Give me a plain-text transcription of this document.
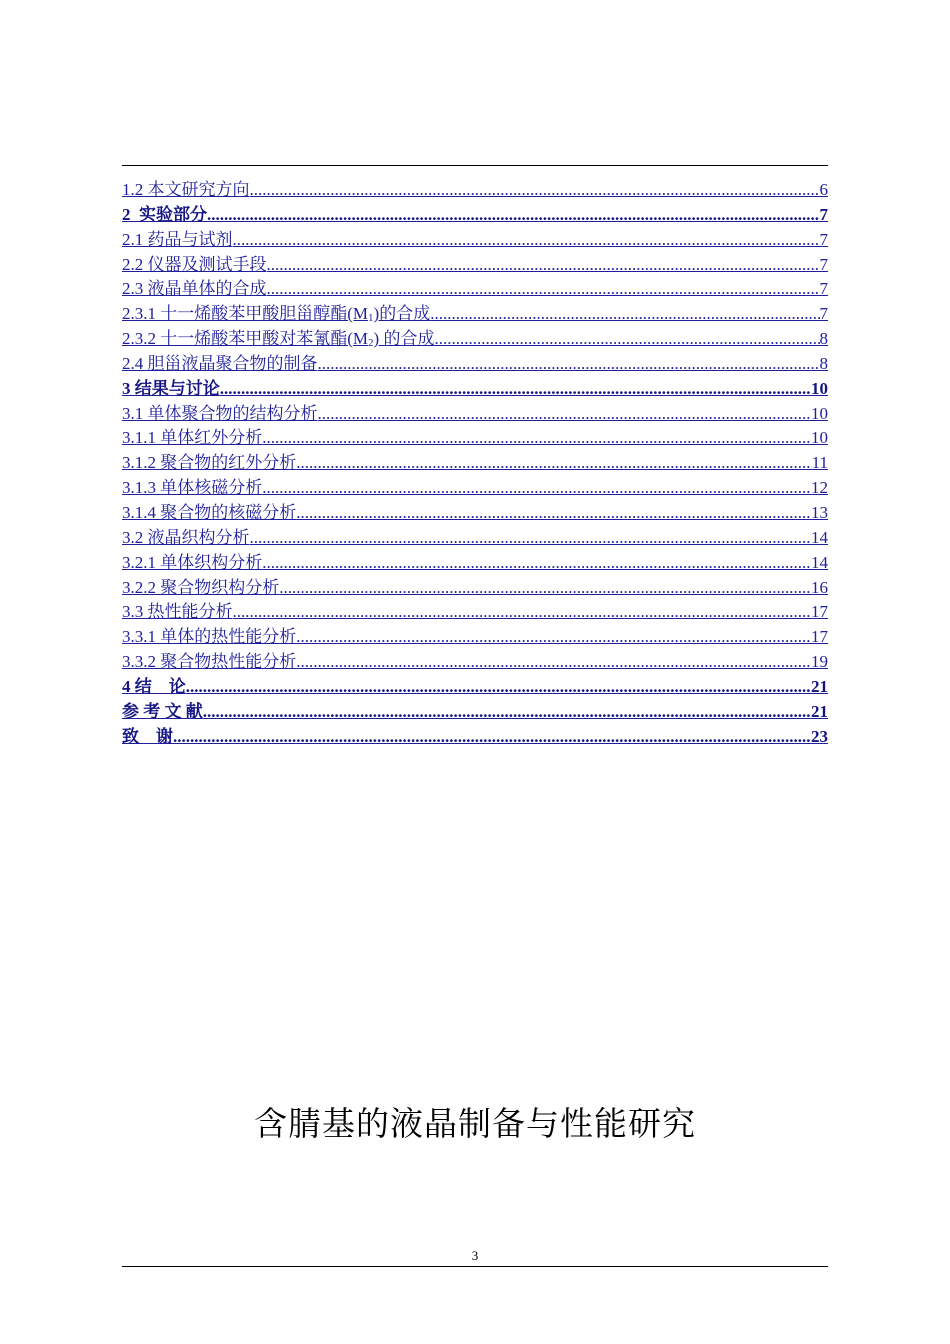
1.2 本文研究方向 .....	6
2  实验部分 .....	7
2.1 药品与试剂 .....	7
2.2 仪器及测试手段 .....	7
2.3 液晶单体的合成 .....	7
2.3.1 十一烯酸苯甲酸胆甾醇酯$(M_1)$的合成 .....	7
2.3.2 十一烯酸苯甲酸对苯氰酯$(M_2)$ 的合成 .....	8
2.4 胆甾液晶聚合物的制备 .....	8
3 结果与讨论 .....	10
3.1 单体聚合物的结构分析 .....	10
3.1.1 单体红外分析 .....	10
3.1.2 聚合物的红外分析 .....	11
3.1.3 单体核磁分析 .....	12
3.1.4 聚合物的核磁分析 .....	13
3.2 液晶织构分析 .....	14
3.2.1 单体织构分析 .....	14
3.2.2 聚合物织构分析 .....	16
3.3 热性能分析 .....	17
3.3.1 单体的热性能分析 .....	17
3.3.2 聚合物热性能分析 .....	19
4 结　论 .....	21
参 考 文 献 .....	21
致　谢 .....	23
含腈基的液晶制备与性能研究
3
